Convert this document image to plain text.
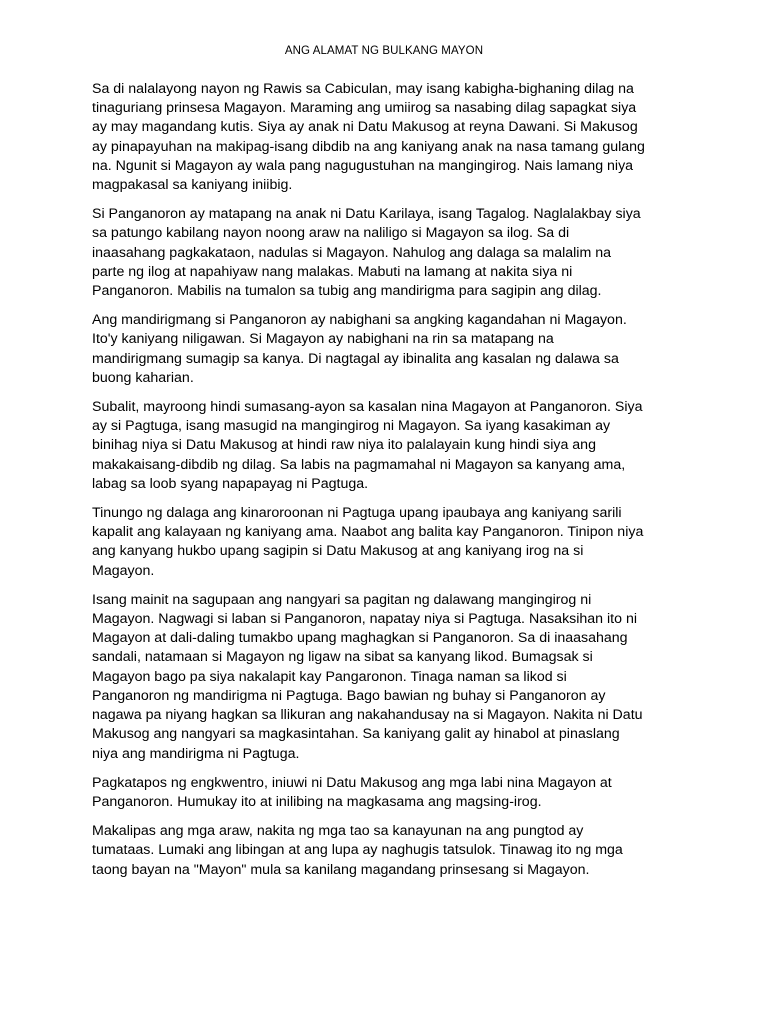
ANG ALAMAT NG BULKANG MAYON
Sa di nalalayong nayon ng Rawis sa Cabiculan, may isang kabigha-bighaning dilag na
tinaguriang prinsesa Magayon. Maraming ang umiirog sa nasabing dilag sapagkat siya
ay may magandang kutis. Siya ay anak ni Datu Makusog at reyna Dawani. Si Makusog
ay pinapayuhan na makipag-isang dibdib na ang kaniyang anak na nasa tamang gulang
na. Ngunit si Magayon ay wala pang nagugustuhan na mangingirog. Nais lamang niya
magpakasal sa kaniyang iniibig.
Si Panganoron ay matapang na anak ni Datu Karilaya, isang Tagalog. Naglalakbay siya
sa patungo kabilang nayon noong araw na naliligo si Magayon sa ilog. Sa di
inaasahang pagkakataon, nadulas si Magayon. Nahulog ang dalaga sa malalim na
parte ng ilog at napahiyaw nang malakas. Mabuti na lamang at nakita siya ni
Panganoron. Mabilis na tumalon sa tubig ang mandirigma para sagipin ang dilag.
Ang mandirigmang si Panganoron ay nabighani sa angking kagandahan ni Magayon.
Ito'y kaniyang niligawan. Si Magayon ay nabighani na rin sa matapang na
mandirigmang sumagip sa kanya. Di nagtagal ay ibinalita ang kasalan ng dalawa sa
buong kaharian.
Subalit, mayroong hindi sumasang-ayon sa kasalan nina Magayon at Panganoron. Siya
ay si Pagtuga, isang masugid na mangingirog ni Magayon. Sa iyang kasakiman ay
binihag niya si Datu Makusog at hindi raw niya ito palalayain kung hindi siya ang
makakaisang-dibdib ng dilag. Sa labis na pagmamahal ni Magayon sa kanyang ama,
labag sa loob syang napapayag ni Pagtuga.
Tinungo ng dalaga ang kinaroroonan ni Pagtuga upang ipaubaya ang kaniyang sarili
kapalit ang kalayaan ng kaniyang ama. Naabot ang balita kay Panganoron. Tinipon niya
ang kanyang hukbo upang sagipin si Datu Makusog at ang kaniyang irog na si
Magayon.
Isang mainit na sagupaan ang nangyari sa pagitan ng dalawang mangingirog ni
Magayon. Nagwagi si laban si Panganoron, napatay niya si Pagtuga. Nasaksihan ito ni
Magayon at dali-daling tumakbo upang maghagkan si Panganoron. Sa di inaasahang
sandali, natamaan si Magayon ng ligaw na sibat sa kanyang likod. Bumagsak si
Magayon bago pa siya nakalapit kay Pangaronon. Tinaga naman sa likod si
Panganoron ng mandirigma ni Pagtuga. Bago bawian ng buhay si Panganoron ay
nagawa pa niyang hagkan sa llikuran ang nakahandusay na si Magayon. Nakita ni Datu
Makusog ang nangyari sa magkasintahan. Sa kaniyang galit ay hinabol at pinaslang
niya ang mandirigma ni Pagtuga.
Pagkatapos ng engkwentro, iniuwi ni Datu Makusog ang mga labi nina Magayon at
Panganoron. Humukay ito at inilibing na magkasama ang magsing-irog.
Makalipas ang mga araw, nakita ng mga tao sa kanayunan na ang pungtod ay
tumataas. Lumaki ang libingan at ang lupa ay naghugis tatsulok. Tinawag ito ng mga
taong bayan na "Mayon" mula sa kanilang magandang prinsesang si Magayon.
